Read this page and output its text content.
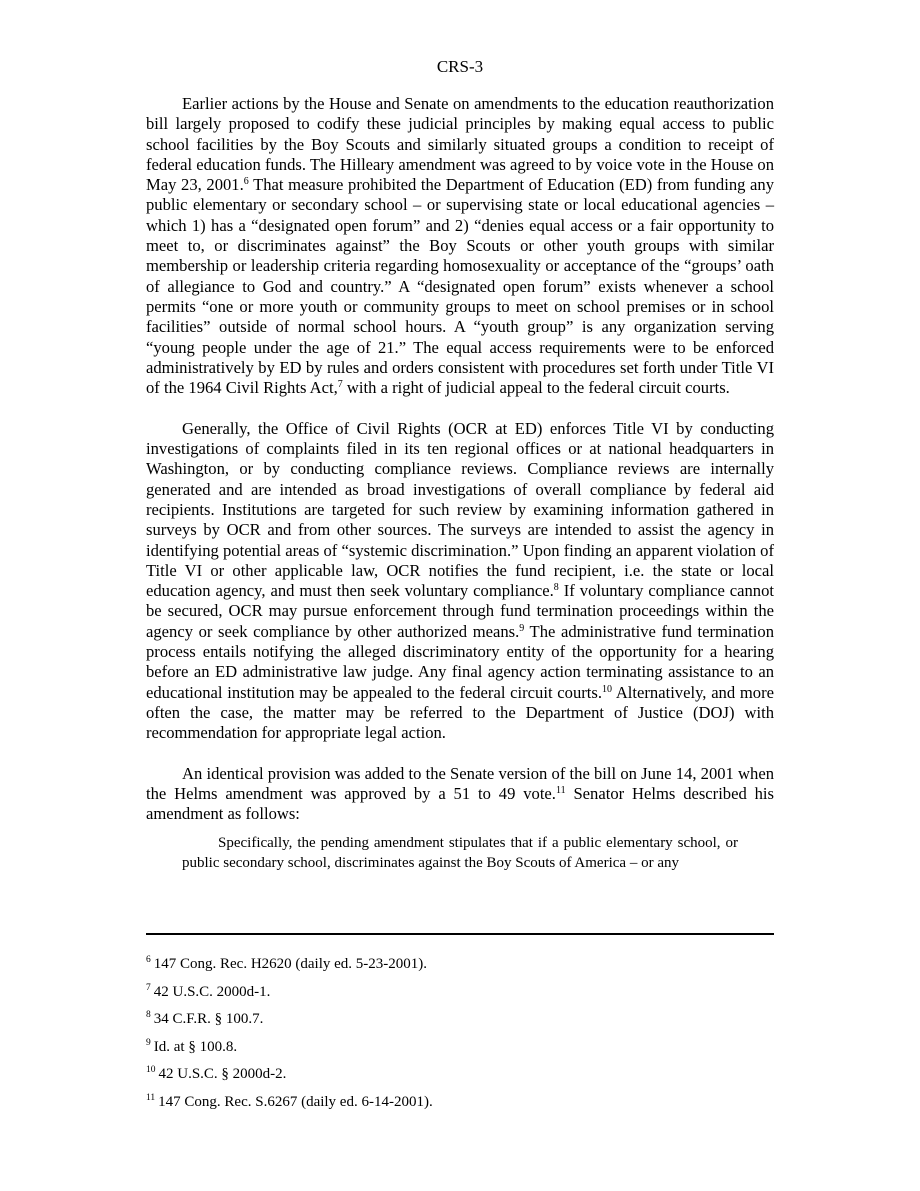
CRS-3

Earlier actions by the House and Senate on amendments to the education reauthorization bill largely proposed to codify these judicial principles by making equal access to public school facilities by the Boy Scouts and similarly situated groups a condition to receipt of federal education funds. The Hilleary amendment was agreed to by voice vote in the House on May 23, 2001.$^6$ That measure prohibited the Department of Education (ED) from funding any public elementary or secondary school – or supervising state or local educational agencies – which 1) has a “designated open forum” and 2) “denies equal access or a fair opportunity to meet to, or discriminates against” the Boy Scouts or other youth groups with similar membership or leadership criteria regarding homosexuality or acceptance of the “groups’ oath of allegiance to God and country.” A “designated open forum” exists whenever a school permits “one or more youth or community groups to meet on school premises or in school facilities” outside of normal school hours. A “youth group” is any organization serving “young people under the age of 21.” The equal access requirements were to be enforced administratively by ED by rules and orders consistent with procedures set forth under Title VI of the 1964 Civil Rights Act,$^7$ with a right of judicial appeal to the federal circuit courts.

Generally, the Office of Civil Rights (OCR at ED) enforces Title VI by conducting investigations of complaints filed in its ten regional offices or at national headquarters in Washington, or by conducting compliance reviews. Compliance reviews are internally generated and are intended as broad investigations of overall compliance by federal aid recipients. Institutions are targeted for such review by examining information gathered in surveys by OCR and from other sources. The surveys are intended to assist the agency in identifying potential areas of “systemic discrimination.” Upon finding an apparent violation of Title VI or other applicable law, OCR notifies the fund recipient, i.e. the state or local education agency, and must then seek voluntary compliance.$^8$ If voluntary compliance cannot be secured, OCR may pursue enforcement through fund termination proceedings within the agency or seek compliance by other authorized means.$^9$ The administrative fund termination process entails notifying the alleged discriminatory entity of the opportunity for a hearing before an ED administrative law judge. Any final agency action terminating assistance to an educational institution may be appealed to the federal circuit courts.$^{10}$ Alternatively, and more often the case, the matter may be referred to the Department of Justice (DOJ) with recommendation for appropriate legal action.

An identical provision was added to the Senate version of the bill on June 14, 2001 when the Helms amendment was approved by a 51 to 49 vote.$^{11}$ Senator Helms described his amendment as follows:

Specifically, the pending amendment stipulates that if a public elementary school, or public secondary school, discriminates against the Boy Scouts of America – or any

$^6$ 147 Cong. Rec. H2620 (daily ed. 5-23-2001).
$^7$ 42 U.S.C. 2000d-1.
$^8$ 34 C.F.R. § 100.7.
$^9$ Id. at § 100.8.
$^{10}$ 42 U.S.C. § 2000d-2.
$^{11}$ 147 Cong. Rec. S.6267 (daily ed. 6-14-2001).
